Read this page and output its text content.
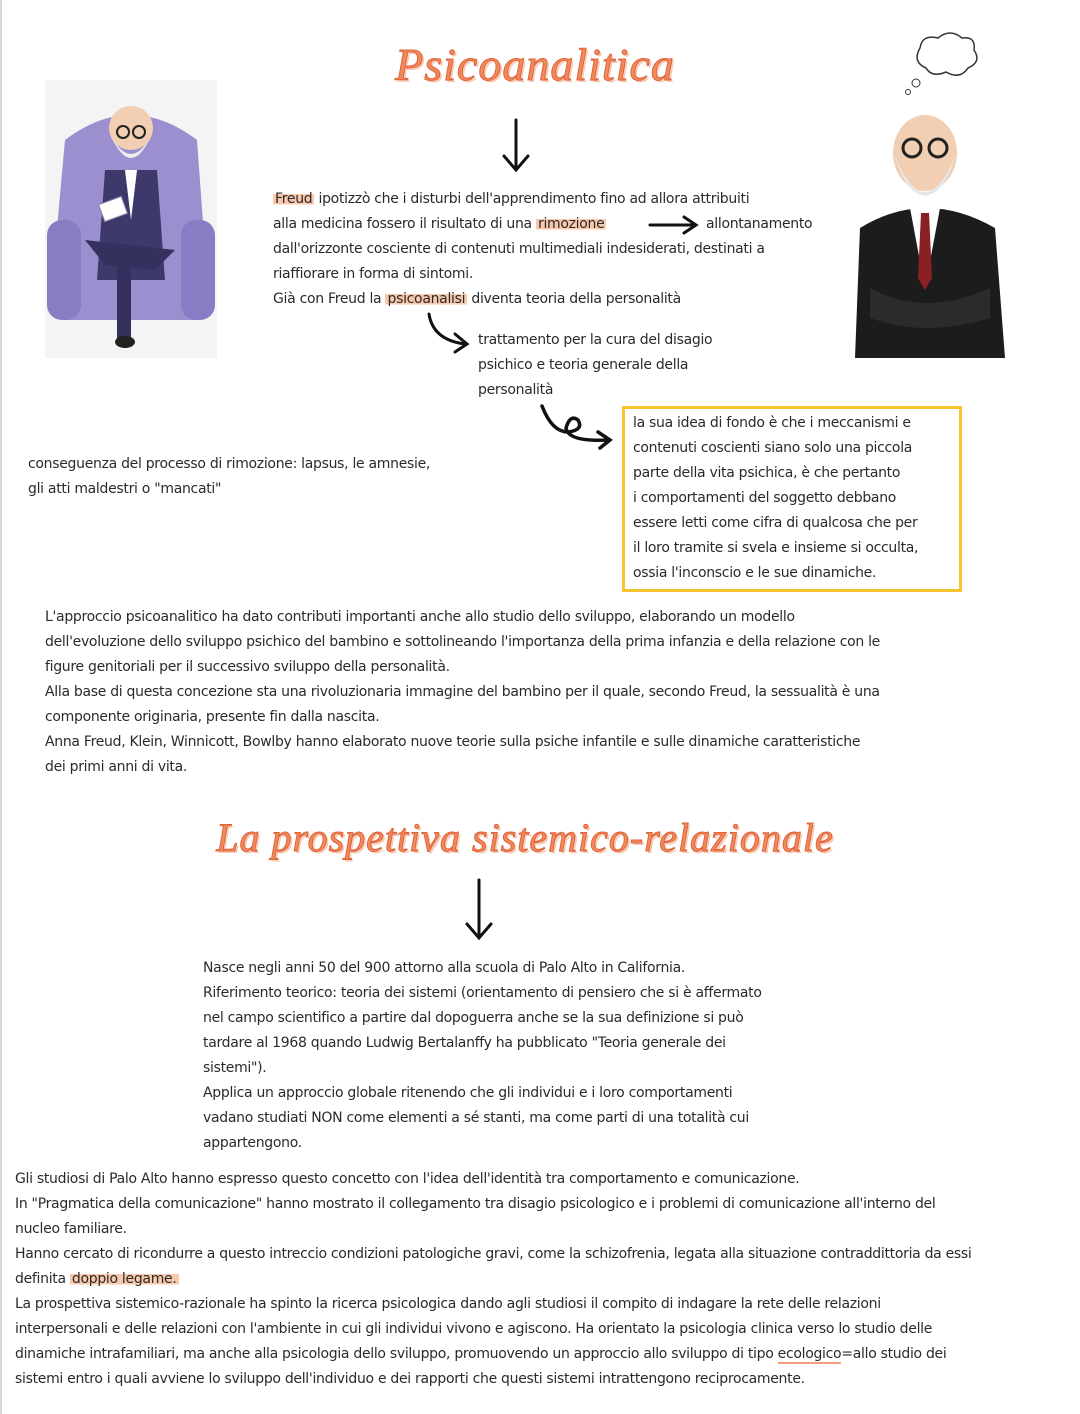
Psicoanalitica
Freud ipotizzò che i disturbi dell'apprendimento fino ad allora attribuiti
alla medicina fossero il risultato di una rimozione	allontanamento
dall'orizzonte cosciente di contenuti multimediali indesiderati, destinati a
riaffiorare in forma di sintomi.
Già con Freud la psicoanalisi diventa teoria della personalità
trattamento per la cura del disagio
psichico e teoria generale della
personalità
la sua idea di fondo è che i meccanismi e
contenuti coscienti siano solo una piccola
parte della vita psichica, è che pertanto
i comportamenti del soggetto debbano
essere letti come cifra di qualcosa che per
il loro tramite si svela e insieme si occulta,
ossia l'inconscio e le sue dinamiche.
conseguenza del processo di rimozione: lapsus, le amnesie,
gli atti maldestri o "mancati"
L'approccio psicoanalitico ha dato contributi importanti anche allo studio dello sviluppo, elaborando un modello
dell'evoluzione dello sviluppo psichico del bambino e sottolineando l'importanza della prima infanzia e della relazione con le
figure genitoriali per il successivo sviluppo della personalità.
Alla base di questa concezione sta una rivoluzionaria immagine del bambino per il quale, secondo Freud, la sessualità è una
componente originaria, presente fin dalla nascita.
Anna Freud, Klein, Winnicott, Bowlby hanno elaborato nuove teorie sulla psiche infantile e sulle dinamiche caratteristiche
dei primi anni di vita.
La prospettiva sistemico-relazionale
Nasce negli anni 50 del 900 attorno alla scuola di Palo Alto in California.
Riferimento teorico: teoria dei sistemi (orientamento di pensiero che si è affermato
nel campo scientifico a partire dal dopoguerra anche se la sua definizione si può
tardare al 1968 quando Ludwig Bertalanffy ha pubblicato "Teoria generale dei
sistemi").
Applica un approccio globale ritenendo che gli individui e i loro comportamenti
vadano studiati NON come elementi a sé stanti, ma come parti di una totalità cui
appartengono.
Gli studiosi di Palo Alto hanno espresso questo concetto con l'idea dell'identità tra comportamento e comunicazione.
In "Pragmatica della comunicazione" hanno mostrato il collegamento tra disagio psicologico e i problemi di comunicazione all'interno del
nucleo familiare.
Hanno cercato di ricondurre a questo intreccio condizioni patologiche gravi, come la schizofrenia, legata alla situazione contraddittoria da essi
definita doppio legame.
La prospettiva sistemico-razionale ha spinto la ricerca psicologica dando agli studiosi il compito di indagare la rete delle relazioni
interpersonali e delle relazioni con l'ambiente in cui gli individui vivono e agiscono. Ha orientato la psicologia clinica verso lo studio delle
dinamiche intrafamiliari, ma anche alla psicologia dello sviluppo, promuovendo un approccio allo sviluppo di tipo ecologico=allo studio dei
sistemi entro i quali avviene lo sviluppo dell'individuo e dei rapporti che questi sistemi intrattengono reciprocamente.
